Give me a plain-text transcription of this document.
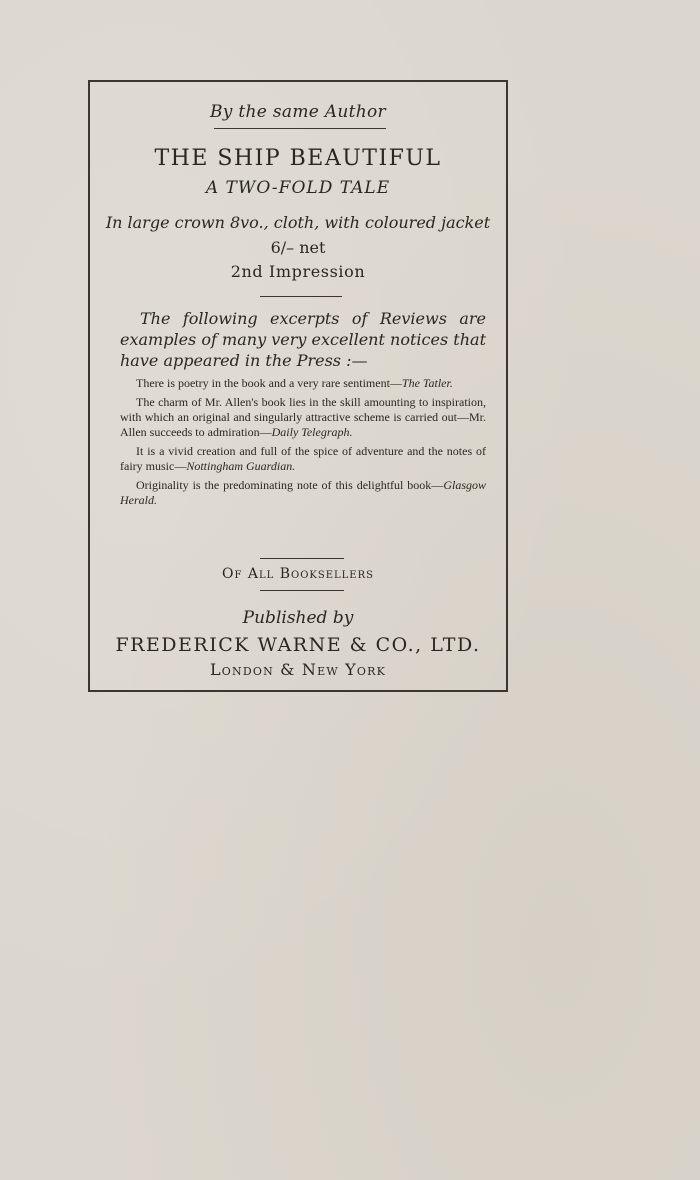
By the same Author
THE SHIP BEAUTIFUL
A TWO-FOLD TALE
In large crown 8vo., cloth, with coloured jacket
6/– net
2nd Impression
The following excerpts of Reviews are examples of many very excellent notices that have appeared in the Press :—

There is poetry in the book and a very rare sentiment—The Tatler.

The charm of Mr. Allen's book lies in the skill amounting to inspiration, with which an original and singularly attractive scheme is carried out—Mr. Allen succeeds to admiration—Daily Telegraph.

It is a vivid creation and full of the spice of adventure and the notes of fairy music—Nottingham Guardian.

Originality is the predominating note of this delightful book—Glasgow Herald.

Of All Booksellers
Published by
FREDERICK WARNE & CO., LTD.
London & New York
